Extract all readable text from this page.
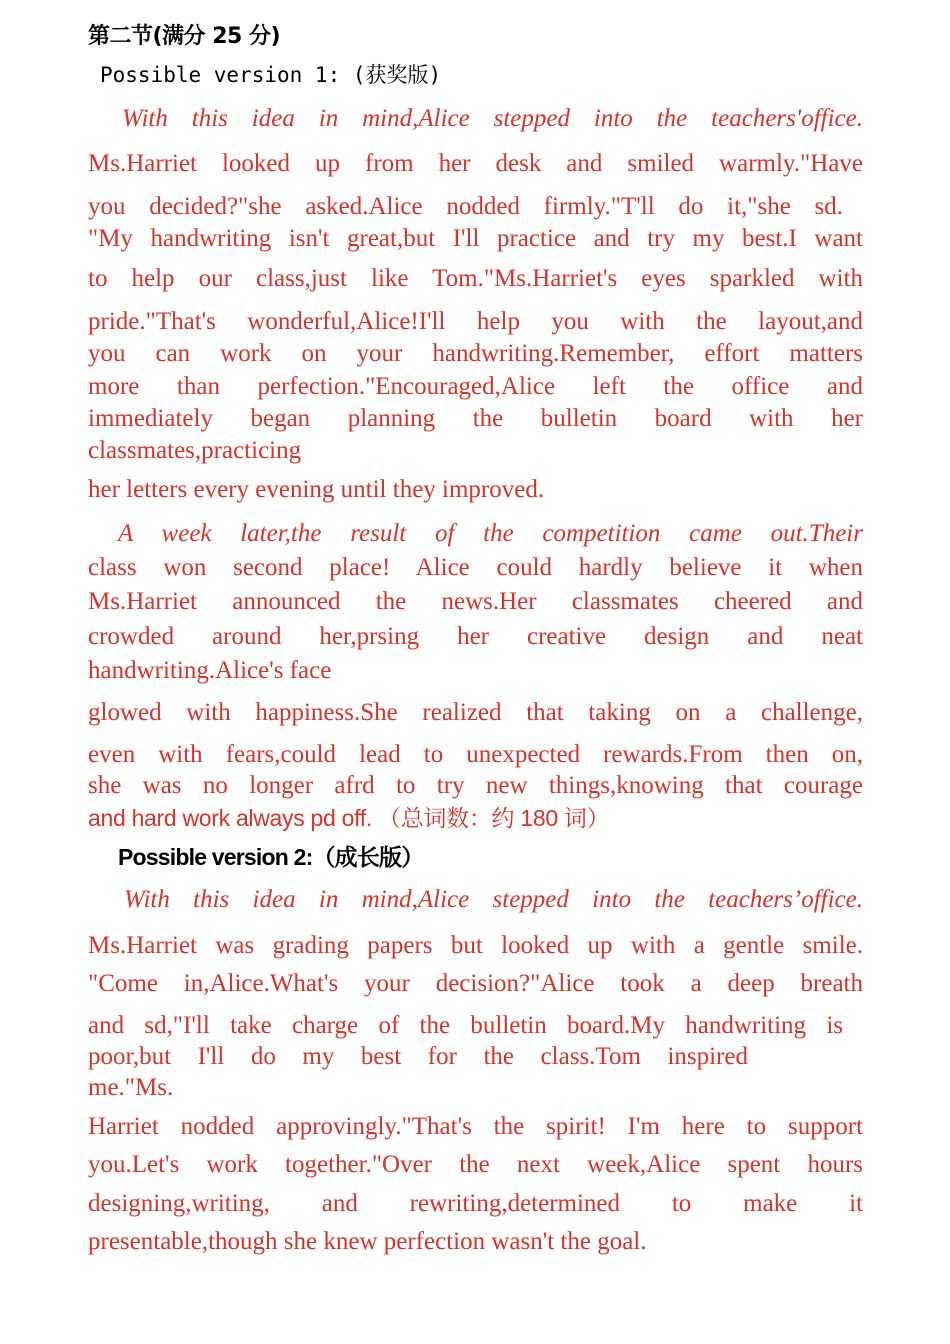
第二节(满分 25 分)
Possible version 1: (获奖版)
With this idea in mind,Alice stepped into the teachers'office.
Ms.Harriet looked up from her desk and smiled warmly."Have
you decided?"she asked.Alice nodded firmly."T'll do it,"she sd.
"My handwriting isn't great,but I'll practice and try my best.I want
to help our class,just like Tom."Ms.Harriet's eyes sparkled with
pride."That's wonderful,Alice!I'll help you with the layout,and
you can work on your handwriting.Remember, effort matters
more than perfection."Encouraged,Alice left the office and
immediately began planning the bulletin board with her
classmates,practicing
her letters every evening until they improved.
A week later,the result of the competition came out.Their
class won second place! Alice could hardly believe it when
Ms.Harriet announced the news.Her classmates cheered and
crowded around her,prsing her creative design and neat
handwriting.Alice's face
glowed with happiness.She realized that taking on a challenge,
even with fears,could lead to unexpected rewards.From then on,
she was no longer afrd to try new things,knowing that courage
and hard work always pd off. （总词数：约 180 词）
Possible version 2:（成长版）
With this idea in mind,Alice stepped into the teachers’office.
Ms.Harriet was grading papers but looked up with a gentle smile.
"Come in,Alice.What's your decision?"Alice took a deep breath
and sd,"I'll take charge of the bulletin board.My handwriting is
poor,but I'll do my best for the class.Tom inspired
me."Ms.
Harriet nodded approvingly."That's the spirit! I'm here to support
you.Let's work together."Over the next week,Alice spent hours
designing,writing, and rewriting,determined to make it
presentable,though she knew perfection wasn't the goal.
